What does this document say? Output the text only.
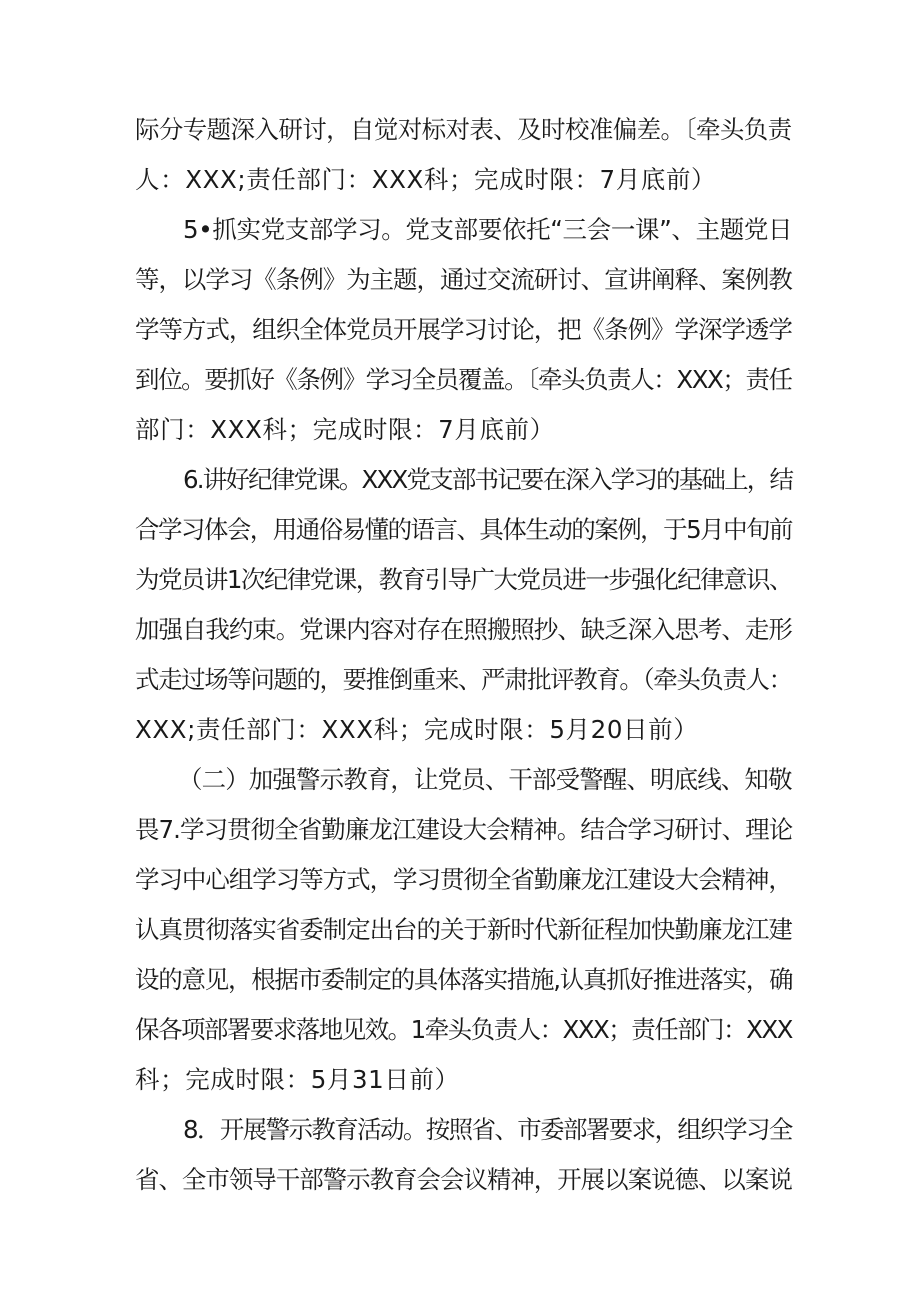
际分专题深入研讨，自觉对标对表、及时校准偏差。〔牵头负责
人：XXX;责任部门：XXX科；完成时限：7月底前）
5•抓实党支部学习。党支部要依托“三会一课”、主题党日
等，以学习《条例》为主题，通过交流研讨、宣讲阐释、案例教
学等方式，组织全体党员开展学习讨论，把《条例》学深学透学
到位。要抓好《条例》学习全员覆盖。〔牵头负责人：XXX；责任
部门：XXX科；完成时限：7月底前）
6.讲好纪律党课。XXX党支部书记要在深入学习的基础上，结
合学习体会，用通俗易懂的语言、具体生动的案例，于5月中旬前
为党员讲1次纪律党课，教育引导广大党员进一步强化纪律意识、
加强自我约束。党课内容对存在照搬照抄、缺乏深入思考、走形
式走过场等问题的，要推倒重来、严肃批评教育。（牵头负责人：
XXX;责任部门：XXX科；完成时限：5月20日前）
（二）加强警示教育，让党员、干部受警醒、明底线、知敬
畏7.学习贯彻全省勤廉龙江建设大会精神。结合学习研讨、理论
学习中心组学习等方式，学习贯彻全省勤廉龙江建设大会精神，
认真贯彻落实省委制定出台的关于新时代新征程加快勤廉龙江建
设的意见，根据市委制定的具体落实措施,认真抓好推进落实，确
保各项部署要求落地见效。1牵头负责人：XXX；责任部门：XXX
科；完成时限：5月31日前）
8．开展警示教育活动。按照省、市委部署要求，组织学习全
省、全市领导干部警示教育会会议精神，开展以案说德、以案说
